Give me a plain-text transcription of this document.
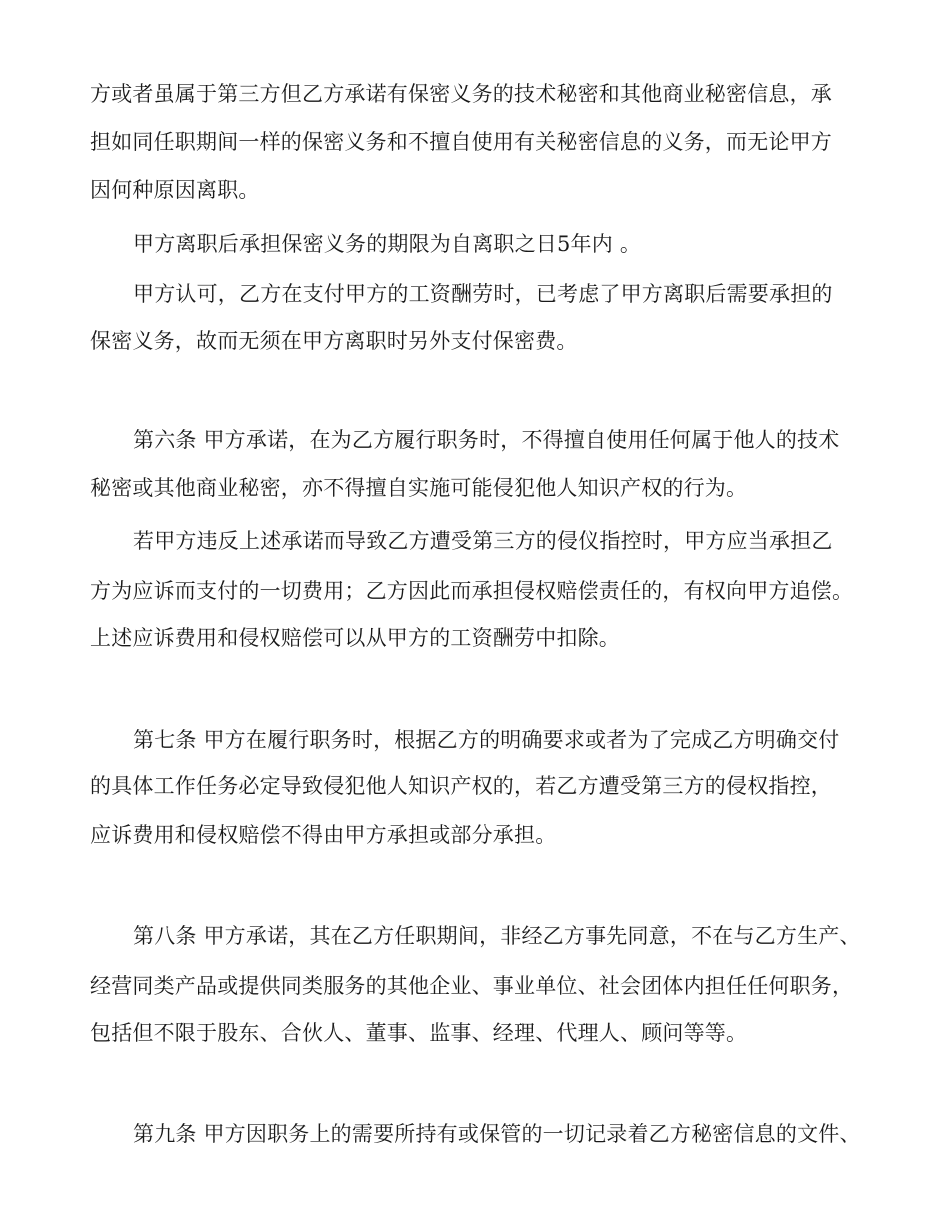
方或者虽属于第三方但乙方承诺有保密义务的技术秘密和其他商业秘密信息，承
担如同任职期间一样的保密义务和不擅自使用有关秘密信息的义务，而无论甲方
因何种原因离职。
甲方离职后承担保密义务的期限为自离职之日5年内 。
甲方认可，乙方在支付甲方的工资酬劳时，已考虑了甲方离职后需要承担的
保密义务，故而无须在甲方离职时另外支付保密费。
第六条 甲方承诺，在为乙方履行职务时，不得擅自使用任何属于他人的技术
秘密或其他商业秘密，亦不得擅自实施可能侵犯他人知识产权的行为。
若甲方违反上述承诺而导致乙方遭受第三方的侵仪指控时，甲方应当承担乙
方为应诉而支付的一切费用；乙方因此而承担侵权赔偿责任的，有权向甲方追偿。
上述应诉费用和侵权赔偿可以从甲方的工资酬劳中扣除。
第七条 甲方在履行职务时，根据乙方的明确要求或者为了完成乙方明确交付
的具体工作任务必定导致侵犯他人知识产权的，若乙方遭受第三方的侵权指控，
应诉费用和侵权赔偿不得由甲方承担或部分承担。
第八条 甲方承诺，其在乙方任职期间，非经乙方事先同意，不在与乙方生产、
经营同类产品或提供同类服务的其他企业、事业单位、社会团体内担任任何职务，
包括但不限于股东、合伙人、董事、监事、经理、代理人、顾问等等。
第九条 甲方因职务上的需要所持有或保管的一切记录着乙方秘密信息的文件、
